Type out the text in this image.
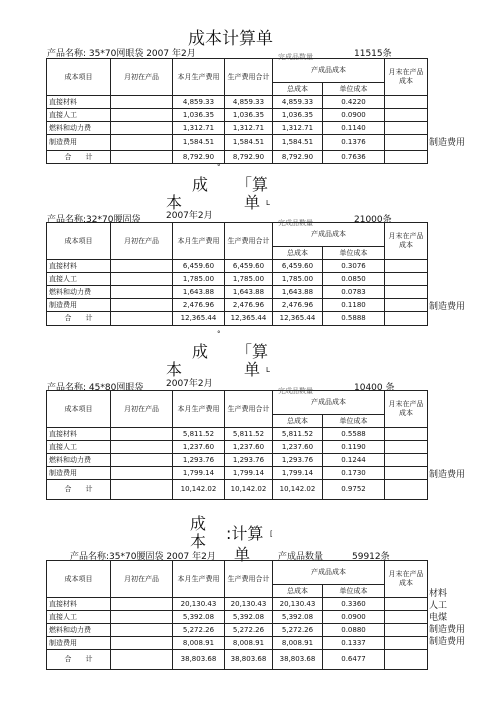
成本计算单
产品名称: 35*70网眼袋 2007 年2月	完成品数量	11515条
成本项目	月初在产品	本月生产费用	生产费用合计	产成品成本		月末在产品成本
				总成本	单位成本	
直接材料		4,859.33	4,859.33	4,859.33	0.4220	
直接人工		1,036.35	1,036.35	1,036.35	0.0900	
燃料和动力费		1,312.71	1,312.71	1,312.71	0.1140	
制造费用		1,584.51	1,584.51	1,584.51	0.1376	
合　　计		8,792.90	8,792.90	8,792.90	0.7636	
制造费用
°
成 「算
本	单 L
2007年2月
产品名称:32*70腰固袋	完成品数量	21000条
成本项目	月初在产品	本月生产费用	生产费用合计	产成品成本		月末在产品成本
				总成本	单位成本	
直接材料		6,459.60	6,459.60	6,459.60	0.3076	
直接人工		1,785.00	1,785.00	1,785.00	0.0850	
燃料和动力费		1,643.88	1,643.88	1,643.88	0.0783	
制造费用		2,476.96	2,476.96	2,476.96	0.1180	
合　　计		12,365.44	12,365.44	12,365.44	0.5888	
制造费用
°
成 「算
本	单 L
2007年2月
产品名称: 45*80网眼袋	完成品数量	10400 条
成本项目	月初在产品	本月生产费用	生产费用合计	产成品成本		月末在产品成本
				总成本	单位成本	
直接材料		5,811.52	5,811.52	5,811.52	0.5588	
直接人工		1,237.60	1,237.60	1,237.60	0.1190	
燃料和动力费		1,293.76	1,293.76	1,293.76	0.1244	
制造费用		1,799.14	1,799.14	1,799.14	0.1730	
合　　计		10,142.02	10,142.02	10,142.02	0.9752	
制造费用
成
:计算 [
本
单
产品名称:35*70腰固袋 2007 年2月	产成品数量	59912条
成本项目	月初在产品	本月生产费用	生产费用合计	产成品成本		月末在产品成本
				总成本	单位成本	
直接材料		20,130.43	20,130.43	20,130.43	0.3360	
直接人工		5,392.08	5,392.08	5,392.08	0.0900	
燃料和动力费		5,272.26	5,272.26	5,272.26	0.0880	
制造费用		8,008.91	8,008.91	8,008.91	0.1337	
合　　计		38,803.68	38,803.68	38,803.68	0.6477	
材料
人工
电煤
制造费用
制造费用
